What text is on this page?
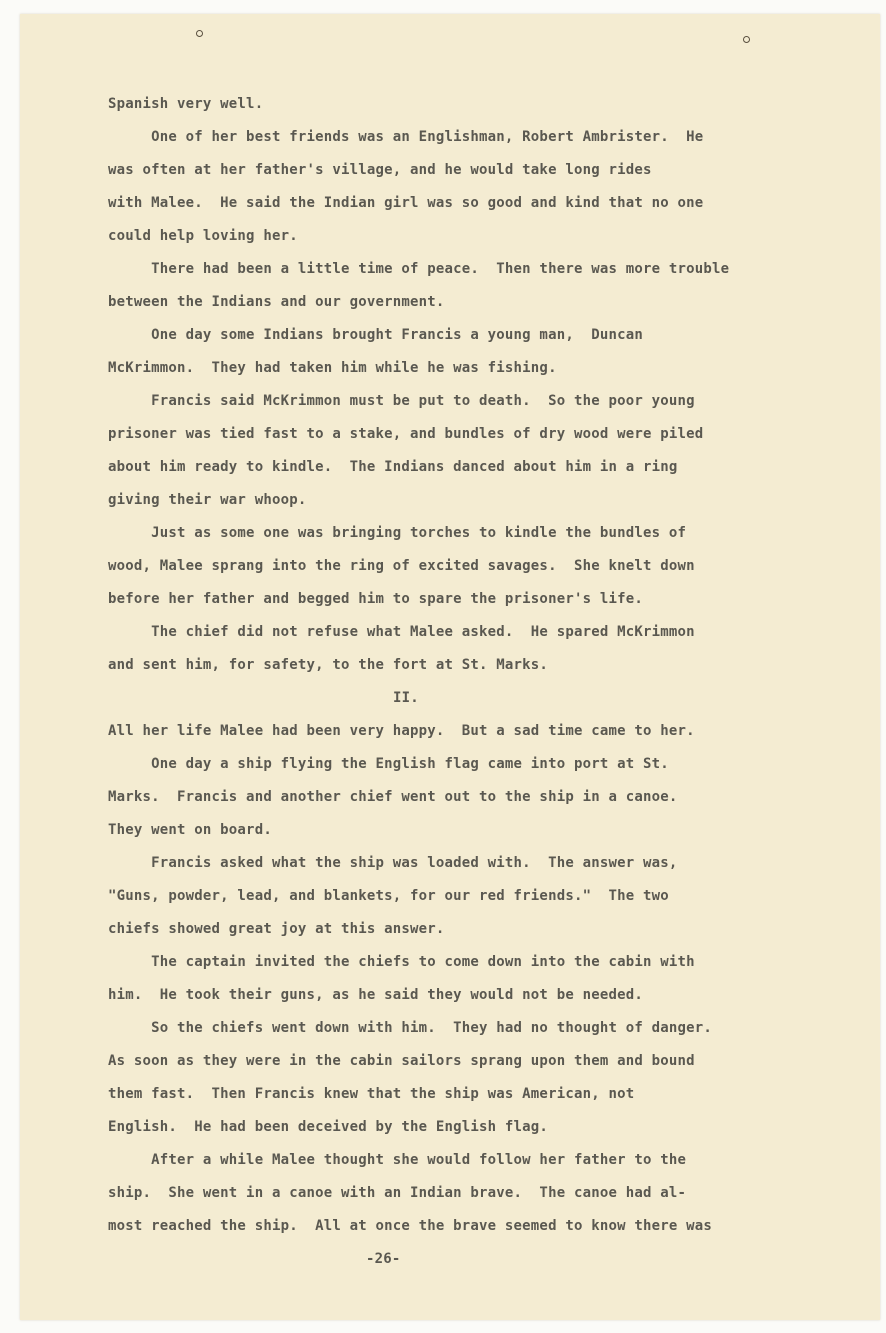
Spanish very well.
One of her best friends was an Englishman, Robert Ambrister.  He
was often at her father's village, and he would take long rides
with Malee.  He said the Indian girl was so good and kind that no one
could help loving her.
There had been a little time of peace.  Then there was more trouble
between the Indians and our government.
One day some Indians brought Francis a young man,  Duncan
McKrimmon.  They had taken him while he was fishing.
Francis said McKrimmon must be put to death.  So the poor young
prisoner was tied fast to a stake, and bundles of dry wood were piled
about him ready to kindle.  The Indians danced about him in a ring
giving their war whoop.
Just as some one was bringing torches to kindle the bundles of
wood, Malee sprang into the ring of excited savages.  She knelt down
before her father and begged him to spare the prisoner's life.
The chief did not refuse what Malee asked.  He spared McKrimmon
and sent him, for safety, to the fort at St. Marks.
II.
All her life Malee had been very happy.  But a sad time came to her.
One day a ship flying the English flag came into port at St.
Marks.  Francis and another chief went out to the ship in a canoe.
They went on board.
Francis asked what the ship was loaded with.  The answer was,
"Guns, powder, lead, and blankets, for our red friends."  The two
chiefs showed great joy at this answer.
The captain invited the chiefs to come down into the cabin with
him.  He took their guns, as he said they would not be needed.
So the chiefs went down with him.  They had no thought of danger.
As soon as they were in the cabin sailors sprang upon them and bound
them fast.  Then Francis knew that the ship was American, not
English.  He had been deceived by the English flag.
After a while Malee thought she would follow her father to the
ship.  She went in a canoe with an Indian brave.  The canoe had al-
most reached the ship.  All at once the brave seemed to know there was
-26-
